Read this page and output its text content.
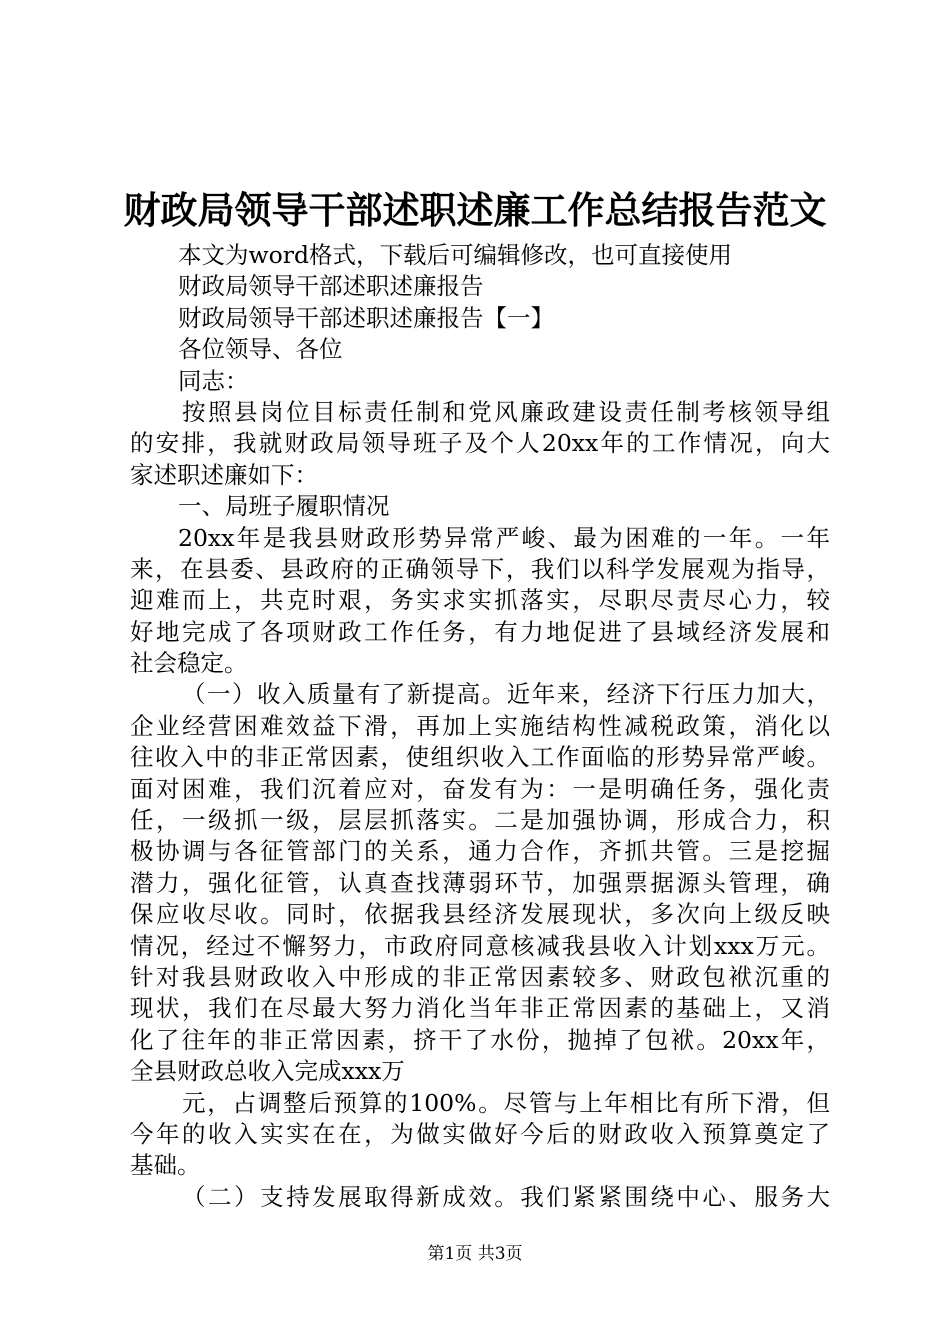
财政局领导干部述职述廉工作总结报告范文
本文为word格式，下载后可编辑修改，也可直接使用
财政局领导干部述职述廉报告
财政局领导干部述职述廉报告【一】
各位领导、各位
同志：
按照县岗位目标责任制和党风廉政建设责任制考核领导组
的安排，我就财政局领导班子及个人20xx年的工作情况，向大
家述职述廉如下：
一、局班子履职情况
20xx年是我县财政形势异常严峻、最为困难的一年。一年
来，在县委、县政府的正确领导下，我们以科学发展观为指导，
迎难而上，共克时艰，务实求实抓落实，尽职尽责尽心力，较
好地完成了各项财政工作任务，有力地促进了县域经济发展和
社会稳定。
（一）收入质量有了新提高。近年来，经济下行压力加大，
企业经营困难效益下滑，再加上实施结构性减税政策，消化以
往收入中的非正常因素，使组织收入工作面临的形势异常严峻。
面对困难，我们沉着应对，奋发有为：一是明确任务，强化责
任，一级抓一级，层层抓落实。二是加强协调，形成合力，积
极协调与各征管部门的关系，通力合作，齐抓共管。三是挖掘
潜力，强化征管，认真查找薄弱环节，加强票据源头管理，确
保应收尽收。同时，依据我县经济发展现状，多次向上级反映
情况，经过不懈努力，市政府同意核减我县收入计划xxx万元。
针对我县财政收入中形成的非正常因素较多、财政包袱沉重的
现状，我们在尽最大努力消化当年非正常因素的基础上，又消
化了往年的非正常因素，挤干了水份，抛掉了包袱。20xx年，
全县财政总收入完成xxx万
元，占调整后预算的100%。尽管与上年相比有所下滑，但
今年的收入实实在在，为做实做好今后的财政收入预算奠定了
基础。
（二）支持发展取得新成效。我们紧紧围绕中心、服务大
第1页 共3页
